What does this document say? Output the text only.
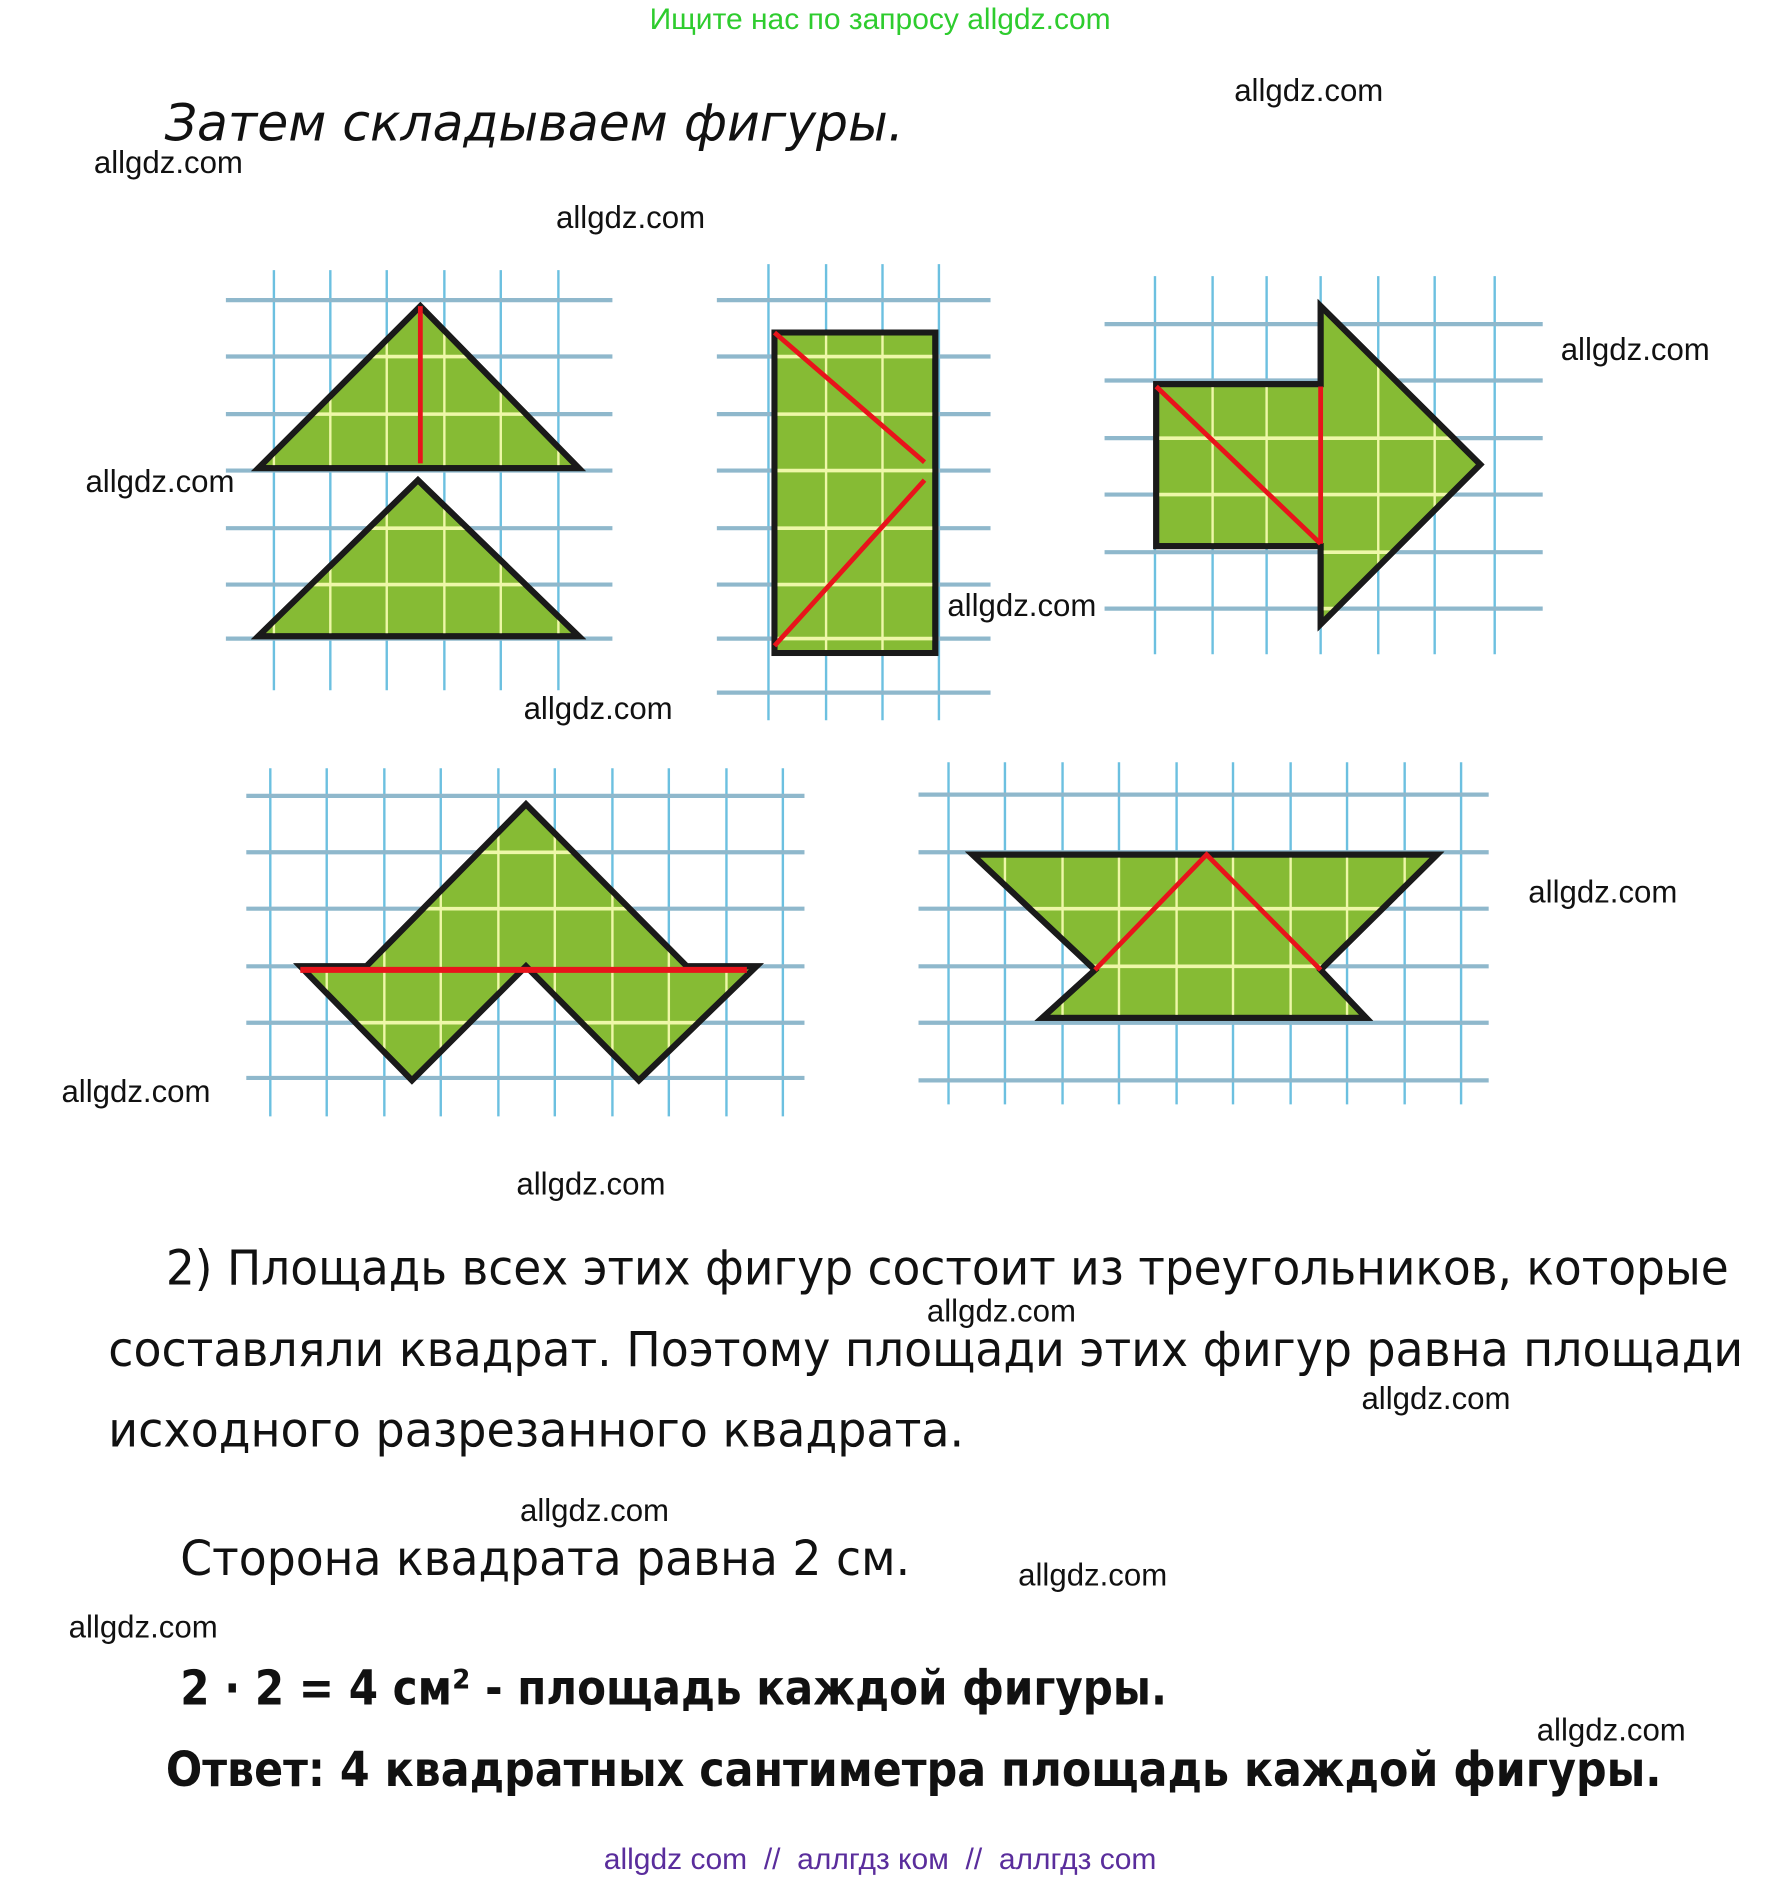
Ищите нас по запросу allgdz.com
Затем складываем фигуры.
allgdz.com
allgdz.com
allgdz.com
allgdz.com
allgdz.com
allgdz.com
allgdz.com
allgdz.com
allgdz.com
allgdz.com
allgdz.com
allgdz.com
allgdz.com
allgdz.com
allgdz.com
allgdz.com
2) Площадь всех этих фигур состоит из треугольников, которые
составляли квадрат. Поэтому площади этих фигур равна площади
исходного разрезанного квадрата.
Сторона квадрата равна 2 см.
2 · 2 = 4 см² - площадь каждой фигуры.
Ответ: 4 квадратных сантиметра площадь каждой фигуры.
allgdz com  //  аллгдз ком  //  аллгдз com
